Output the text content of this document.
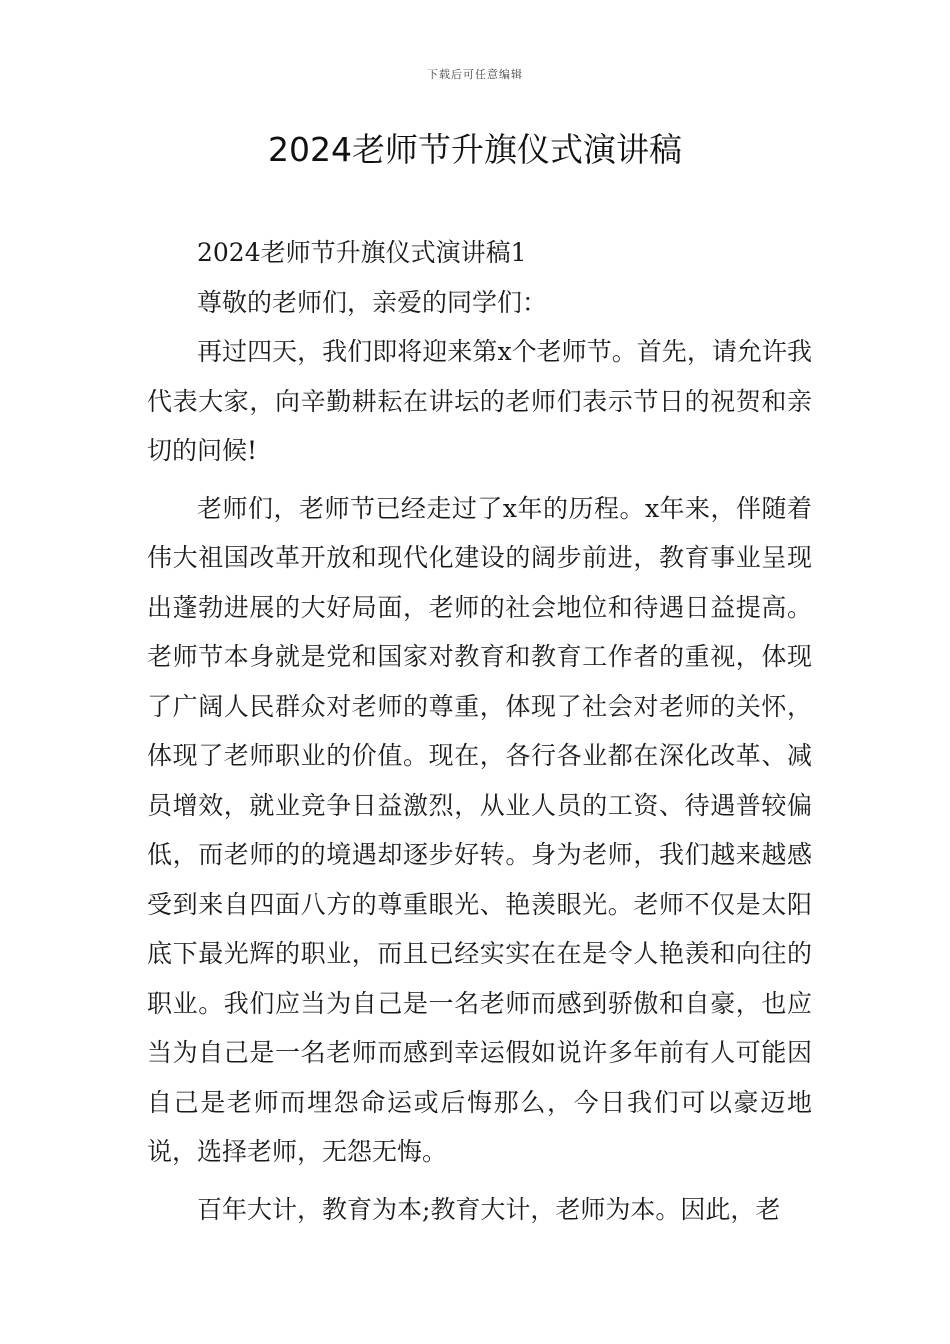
下载后可任意编辑
2024老师节升旗仪式演讲稿

2024老师节升旗仪式演讲稿1

尊敬的老师们，亲爱的同学们：

再过四天，我们即将迎来第x个老师节。首先，请允许我代表大家，向辛勤耕耘在讲坛的老师们表示节日的祝贺和亲切的问候!

老师们，老师节已经走过了x年的历程。x年来，伴随着伟大祖国改革开放和现代化建设的阔步前进，教育事业呈现出蓬勃进展的大好局面，老师的社会地位和待遇日益提高。老师节本身就是党和国家对教育和教育工作者的重视，体现了广阔人民群众对老师的尊重，体现了社会对老师的关怀，体现了老师职业的价值。现在，各行各业都在深化改革、减员增效，就业竞争日益激烈，从业人员的工资、待遇普较偏低，而老师的的境遇却逐步好转。身为老师，我们越来越感受到来自四面八方的尊重眼光、艳羡眼光。老师不仅是太阳底下最光辉的职业，而且已经实实在在是令人艳羡和向往的职业。我们应当为自己是一名老师而感到骄傲和自豪，也应当为自己是一名老师而感到幸运假如说许多年前有人可能因自己是老师而埋怨命运或后悔那么，今日我们可以豪迈地说，选择老师，无怨无悔。

百年大计，教育为本;教育大计，老师为本。因此，老
